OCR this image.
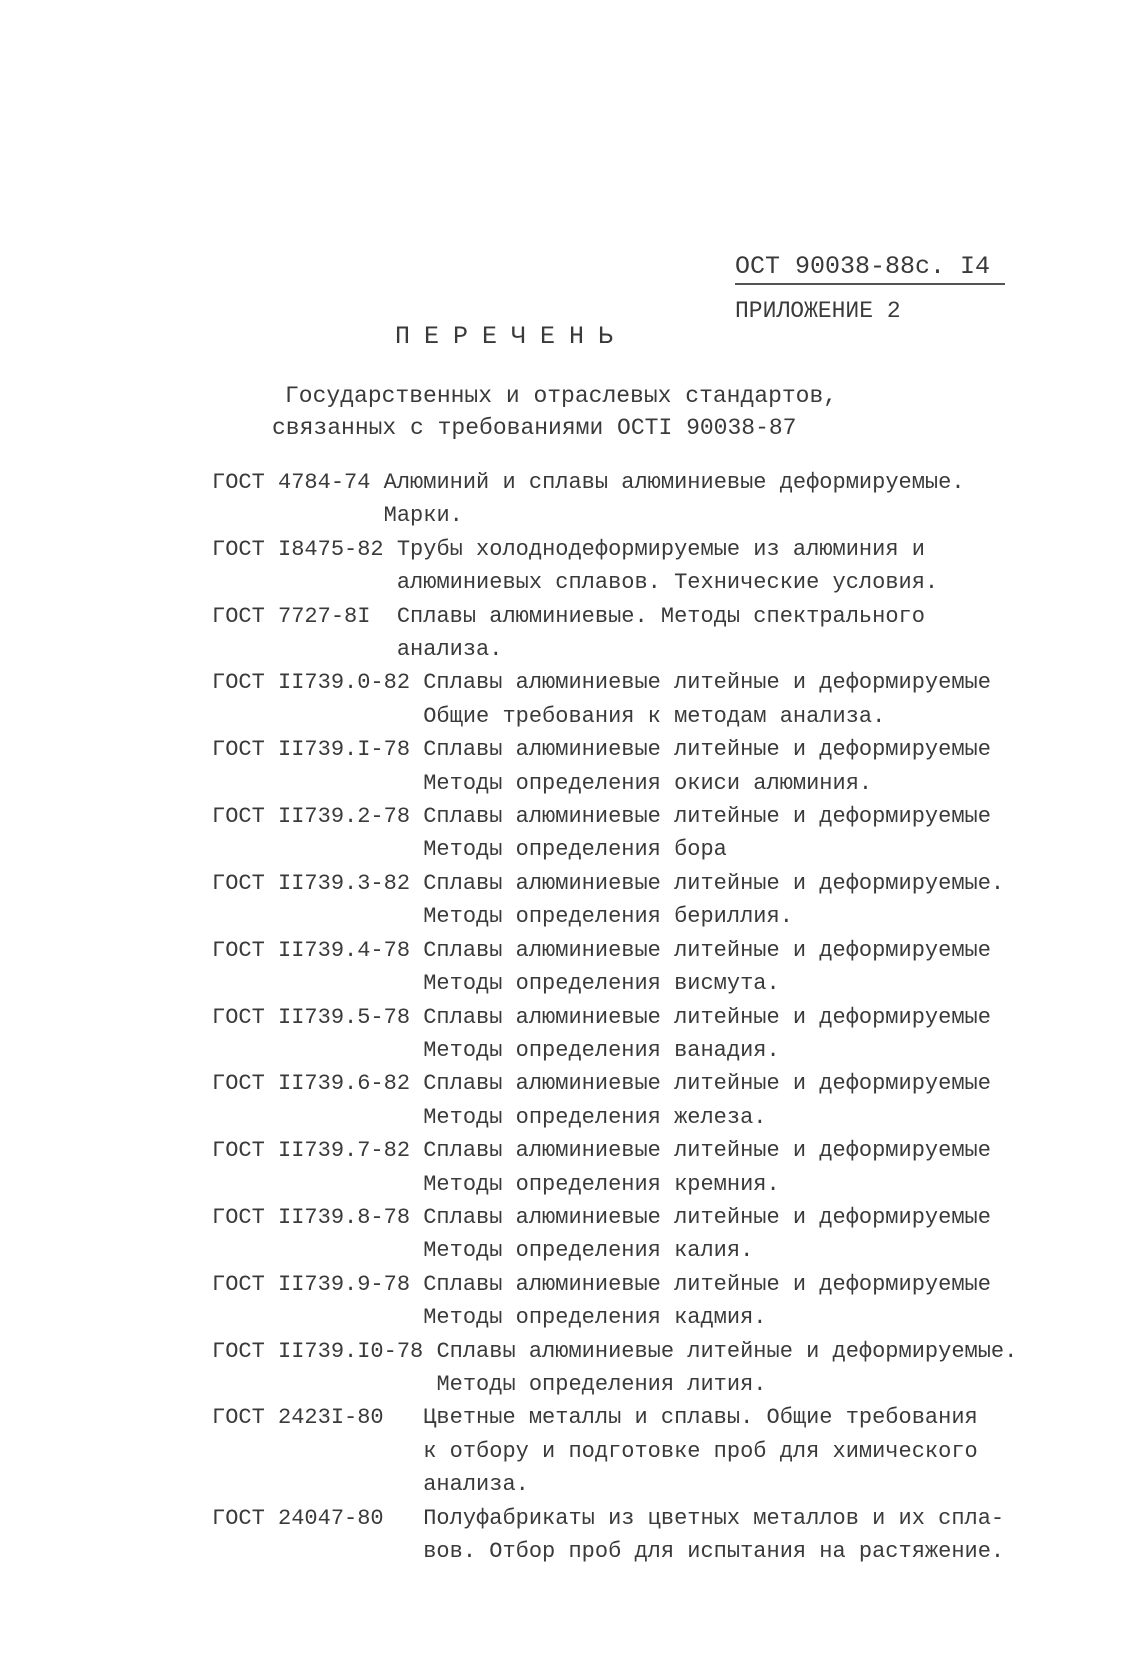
ОСТ 90038-88с. I4
ПРИЛОЖЕНИЕ 2
ПЕРЕЧЕНЬ
Государственных и отраслевых стандартов,
связанных с требованиями ОСТI 90038-87
ГОСТ 4784-74 Алюминий и сплавы алюминиевые деформируемые.
Марки.
ГОСТ I8475-82 Трубы холоднодеформируемые из алюминия и
алюминиевых сплавов. Технические условия.
ГОСТ 7727-8I Сплавы алюминиевые. Методы спектрального
анализа.
ГОСТ II739.0-82 Сплавы алюминиевые литейные и деформируемые
Общие требования к методам анализа.
ГОСТ II739.I-78 Сплавы алюминиевые литейные и деформируемые
Методы определения окиси алюминия.
ГОСТ II739.2-78 Сплавы алюминиевые литейные и деформируемые
Методы определения бора
ГОСТ II739.3-82 Сплавы алюминиевые литейные и деформируемые.
Методы определения бериллия.
ГОСТ II739.4-78 Сплавы алюминиевые литейные и деформируемые
Методы определения висмута.
ГОСТ II739.5-78 Сплавы алюминиевые литейные и деформируемые
Методы определения ванадия.
ГОСТ II739.6-82 Сплавы алюминиевые литейные и деформируемые
Методы определения железа.
ГОСТ II739.7-82 Сплавы алюминиевые литейные и деформируемые
Методы определения кремния.
ГОСТ II739.8-78 Сплавы алюминиевые литейные и деформируемые
Методы определения калия.
ГОСТ II739.9-78 Сплавы алюминиевые литейные и деформируемые
Методы определения кадмия.
ГОСТ II739.I0-78 Сплавы алюминиевые литейные и деформируемые.
Методы определения лития.
ГОСТ 2423I-80 Цветные металлы и сплавы. Общие требования
к отбору и подготовке проб для химического
анализа.
ГОСТ 24047-80 Полуфабрикаты из цветных металлов и их спла-
вов. Отбор проб для испытания на растяжение.
